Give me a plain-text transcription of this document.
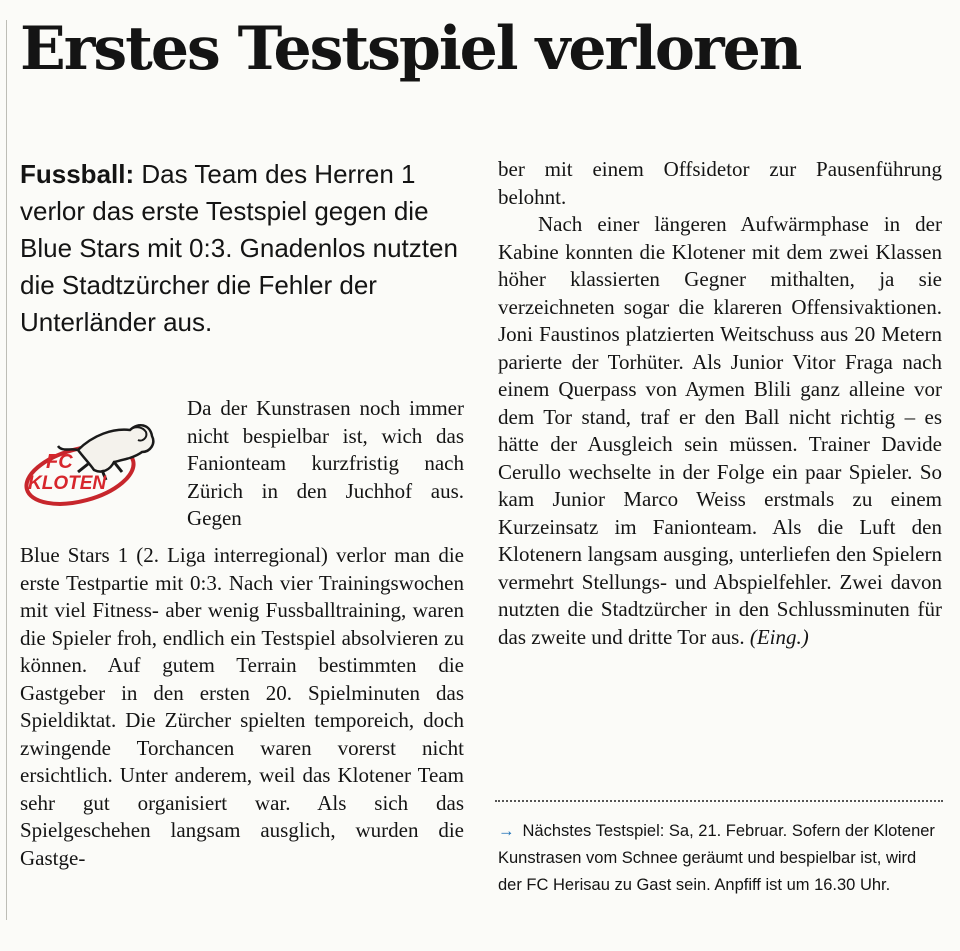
Erstes Testspiel verloren

Fussball: Das Team des Herren 1 verlor das erste Testspiel gegen die Blue Stars mit 0:3. Gnadenlos nutzten die Stadtzürcher die Fehler der Unterländer aus.

FC
KLOTEN

Da der Kunstrasen noch immer nicht bespielbar ist, wich das Fanionteam kurzfristig nach Zürich in den Juchhof aus. Gegen

Blue Stars 1 (2. Liga interregional) verlor man die erste Testpartie mit 0:3. Nach vier Trainingswochen mit viel Fitness- aber wenig Fussballtraining, waren die Spieler froh, endlich ein Testspiel absolvieren zu können. Auf gutem Terrain bestimmten die Gastgeber in den ersten 20. Spielminuten das Spieldiktat. Die Zürcher spielten temporeich, doch zwingende Torchancen waren vorerst nicht ersichtlich. Unter anderem, weil das Klotener Team sehr gut organisiert war. Als sich das Spielgeschehen langsam ausglich, wurden die Gastge-

ber mit einem Offsidetor zur Pausenführung belohnt.

Nach einer längeren Aufwärmphase in der Kabine konnten die Klotener mit dem zwei Klassen höher klassierten Gegner mithalten, ja sie verzeichneten sogar die klareren Offensivaktionen. Joni Faustinos platzierten Weitschuss aus 20 Metern parierte der Torhüter. Als Junior Vitor Fraga nach einem Querpass von Aymen Blili ganz alleine vor dem Tor stand, traf er den Ball nicht richtig – es hätte der Ausgleich sein müssen. Trainer Davide Cerullo wechselte in der Folge ein paar Spieler. So kam Junior Marco Weiss erstmals zu einem Kurzeinsatz im Fanionteam. Als die Luft den Klotenern langsam ausging, unterliefen den Spielern vermehrt Stellungs- und Abspielfehler. Zwei davon nutzten die Stadtzürcher in den Schlussminuten für das zweite und dritte Tor aus. (Eing.)

→ Nächstes Testspiel: Sa, 21. Februar. Sofern der Klotener Kunstrasen vom Schnee geräumt und bespielbar ist, wird der FC Herisau zu Gast sein. Anpfiff ist um 16.30 Uhr.
